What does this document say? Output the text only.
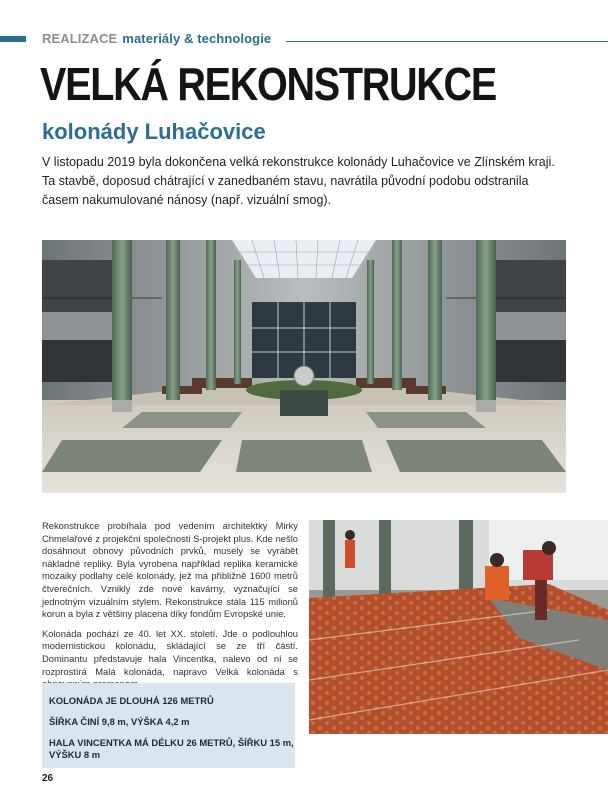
REALIZACE materiály & technologie
VELKÁ REKONSTRUKCE
kolonády Luhačovice
V listopadu 2019 byla dokončena velká rekonstrukce kolonády Luhačovice ve Zlínském kraji. Ta stavbě, doposud chátrající v zanedbaném stavu, navrátila původní podobu odstranila časem nakumulované nánosy (např. vizuální smog).

Rekonstrukce probíhala pod vedením architektky Mirky Chmelařové z projekční společnosti S-projekt plus. Kde nešlo dosáhnout obnovy původních prvků, musely se vyrábět nákladné repliky. Byla vyrobena například replika keramické mozaiky podlahy celé kolonády, jež má přibližně 1600 metrů čtverečních. Vznikly zde nové kavárny, vyznačující se jednotným vizuálním stylem. Rekonstrukce stála 115 milionů korun a byla z většiny placena díky fondům Evropské unie.

Kolonáda pochází ze 40. let XX. století. Jde o podlouhlou modernistickou kolonádu, skládající se ze tří částí. Dominantu představuje hala Vincentka, nalevo od ní se rozprostírá Malá kolonáda, napravo Velká kolonáda s

KOLONÁDA JE DLOUHÁ 126 METRŮ
ŠÍŘKA ČINÍ 9,8 m, VÝŠKA 4,2 m
HALA VINCENTKA MÁ DÉLKU 26 METRŮ, ŠÍŘKU 15 m,
VÝŠKU 8 m
26
